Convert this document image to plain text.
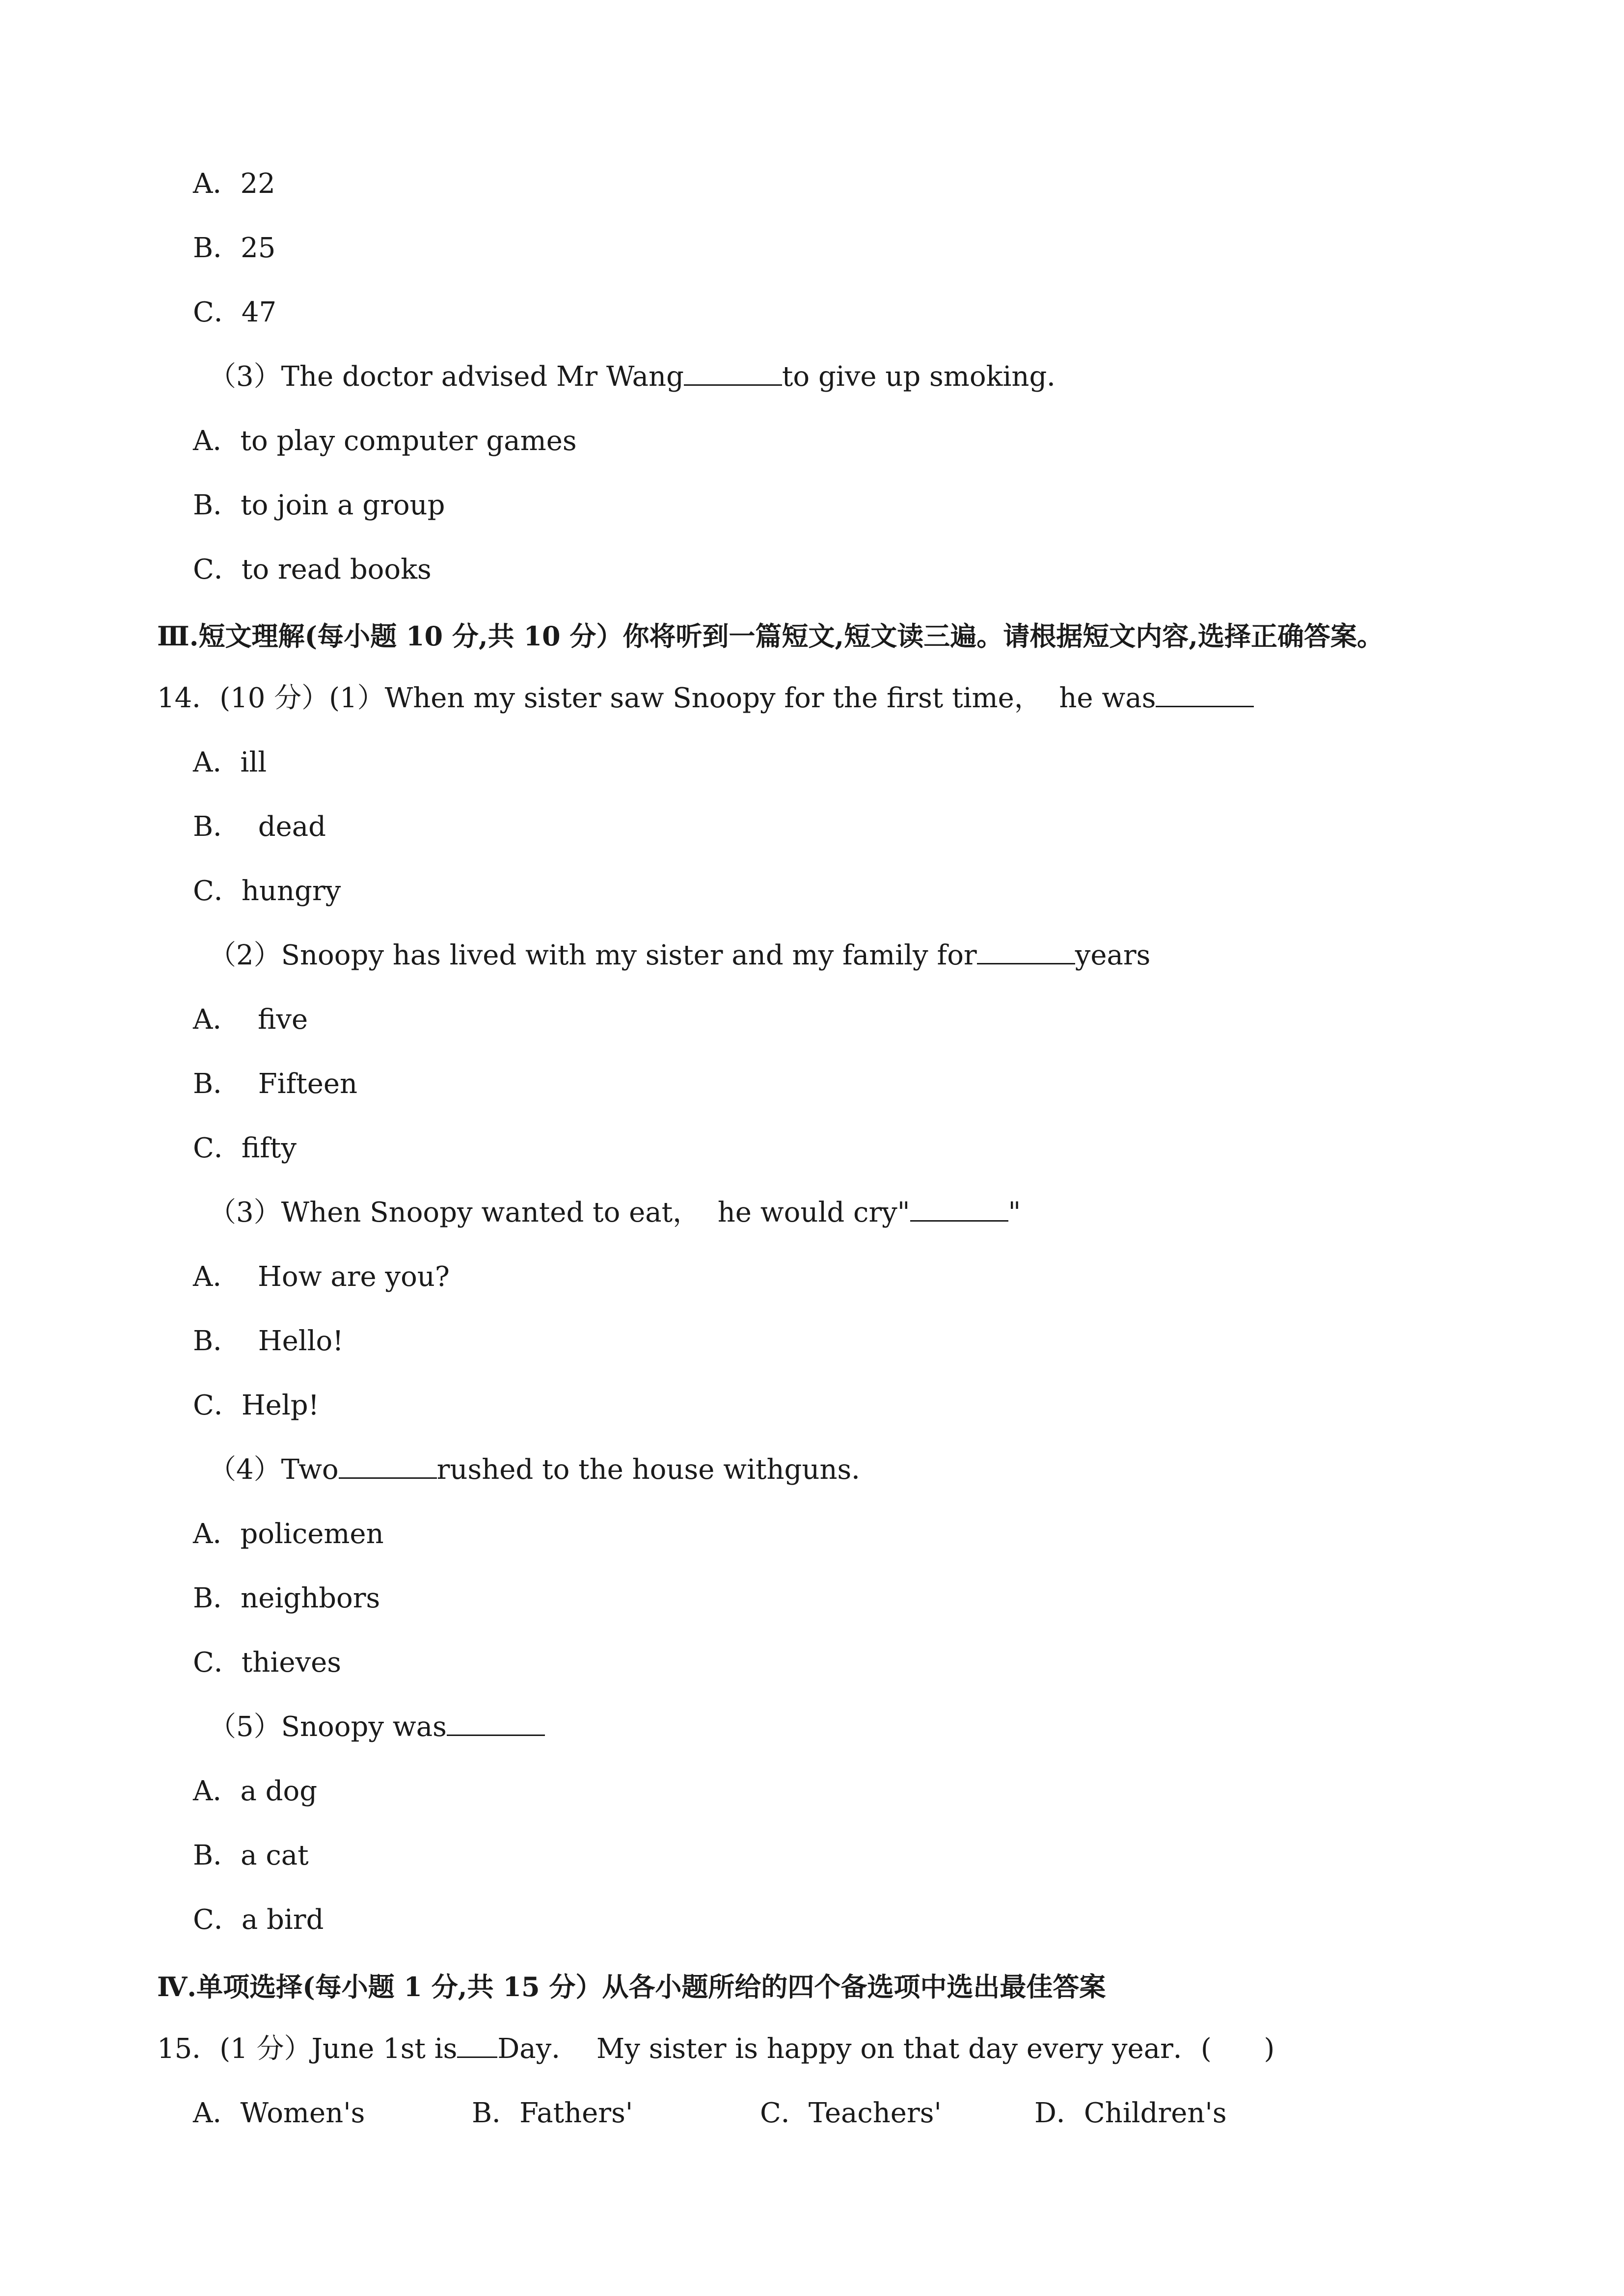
A．22
B．25
C．47
（3）The doctor advised Mr Wang	to give up smoking．
A．to play computer games
B．to join a group
C．to read books
Ⅲ.短文理解(每小题 10 分,共 10 分）你将听到一篇短文,短文读三遍。请根据短文内容,选择正确答案。
14．(10 分）(1）When my sister saw Snoopy for the first time，  he was
A．ill
B．  dead
C．hungry
（2）Snoopy has lived with my sister and my family for	years
A．  five
B．  Fifteen
C．fifty
（3）When Snoopy wanted to eat，  he would cry"	"
A．  How are you?
B．  Hello!
C．Help!
（4）Two	rushed to the house withguns．
A．policemen
B．neighbors
C．thieves
（5）Snoopy was
A．a dog
B．a cat
C．a bird
Ⅳ.单项选择(每小题 1 分,共 15 分）从各小题所给的四个备选项中选出最佳答案
15．(1 分）June 1st is Day．  My sister is happy on that day every year．(      )

A．Women's

	B．Fathers'

	C．Teachers'

	D．Children's
